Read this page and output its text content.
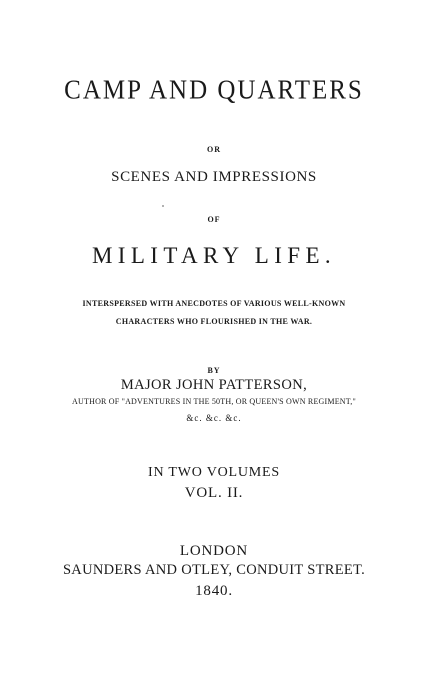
CAMP AND QUARTERS
OR
SCENES AND IMPRESSIONS
OF
MILITARY LIFE.
INTERSPERSED WITH ANECDOTES OF VARIOUS WELL-KNOWN
CHARACTERS WHO FLOURISHED IN THE WAR.
BY
MAJOR JOHN PATTERSON,
AUTHOR OF "ADVENTURES IN THE 50TH, OR QUEEN'S OWN REGIMENT,"
&c. &c. &c.
IN TWO VOLUMES
VOL. II.
LONDON
SAUNDERS AND OTLEY, CONDUIT STREET.
1840.
